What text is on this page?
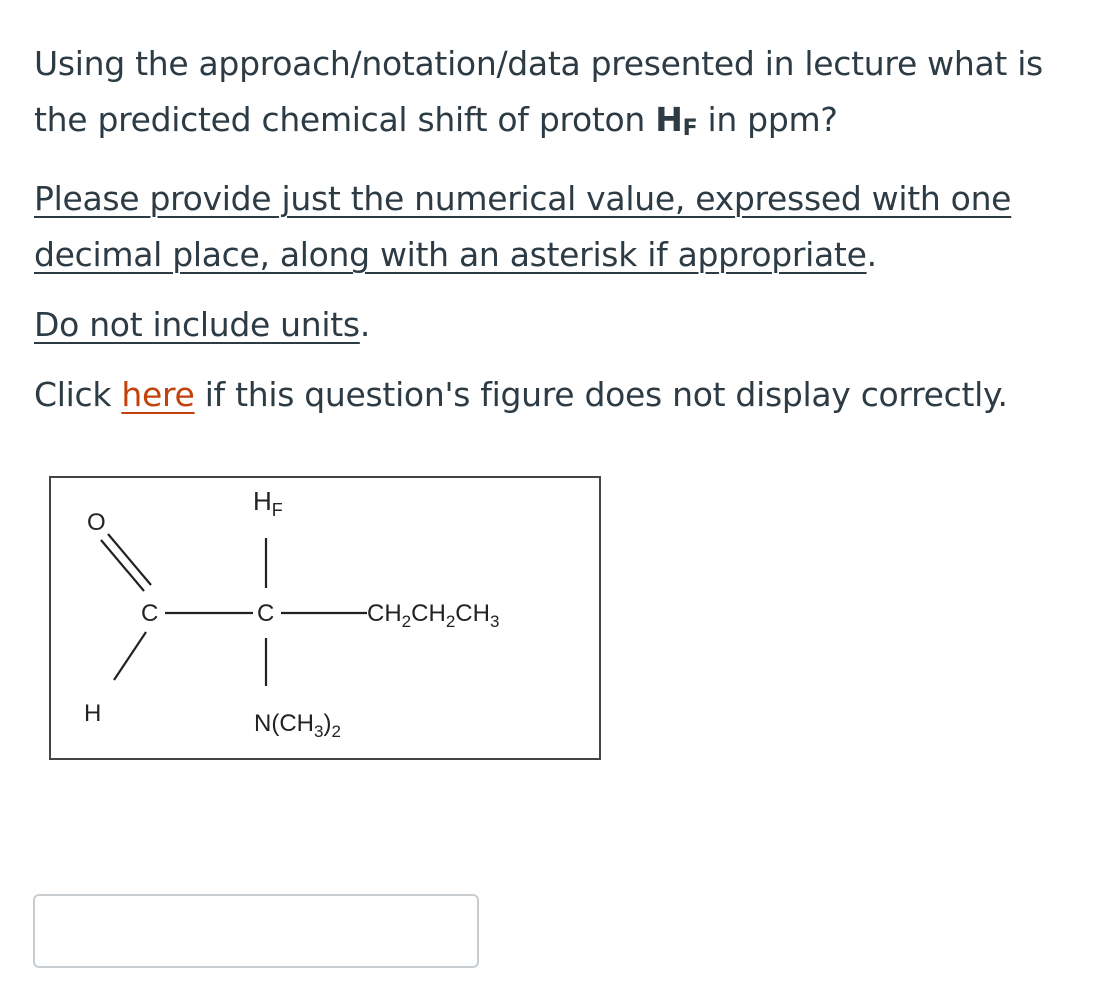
Using the approach/notation/data presented in lecture what is the predicted chemical shift of proton $H_F$ in ppm?

Please provide just the numerical value, expressed with one decimal place, along with an asterisk if appropriate.

Do not include units.

Click here if this question's figure does not display correctly.

O
C
H
C
$H_F$
$CH_2CH_2CH_3$
$N(CH_3)_2$
